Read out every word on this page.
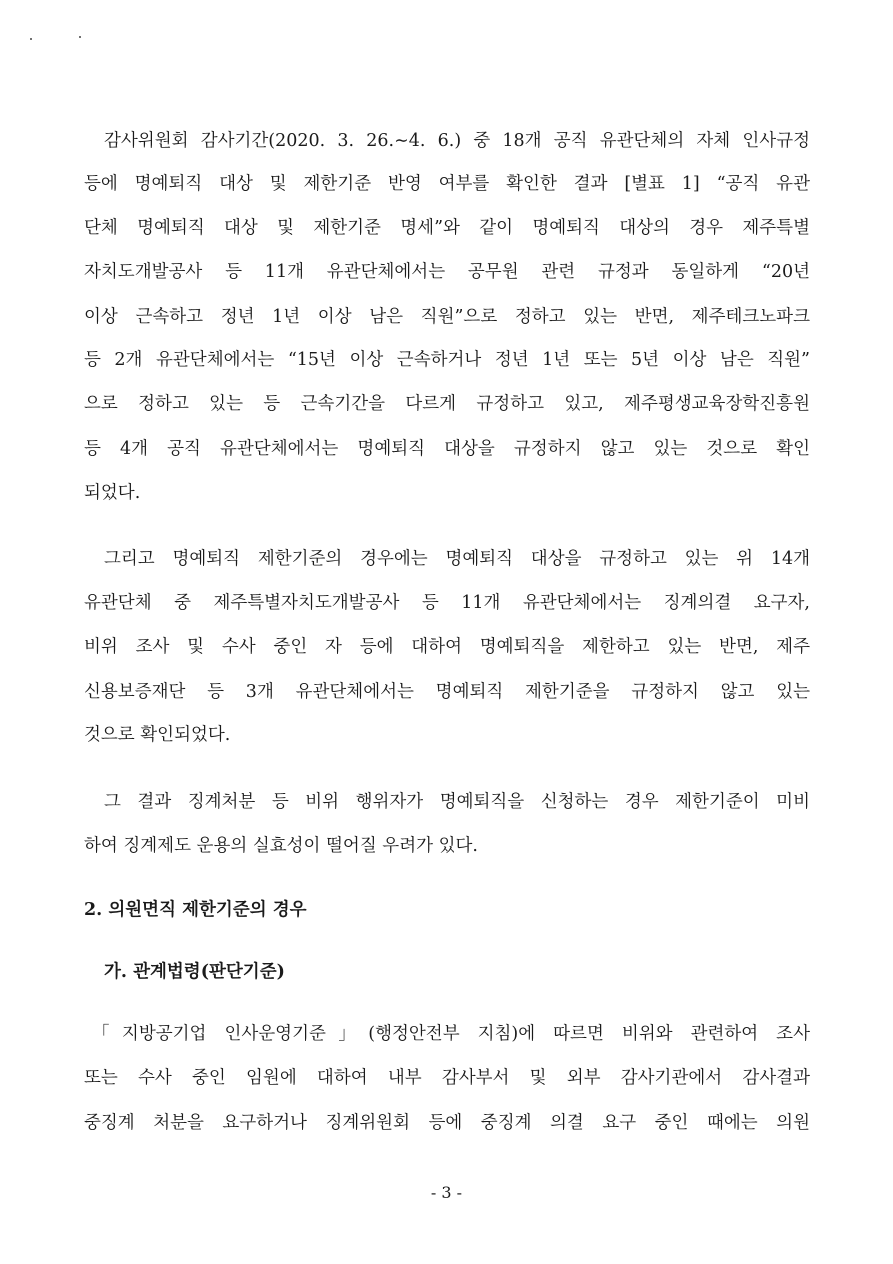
감사위원회 감사기간(2020. 3. 26.∼4. 6.) 중 18개 공직 유관단체의 자체 인사규정
등에 명예퇴직 대상 및 제한기준 반영 여부를 확인한 결과 [별표 1] “공직 유관
단체 명예퇴직 대상 및 제한기준 명세”와 같이 명예퇴직 대상의 경우 제주특별
자치도개발공사 등 11개 유관단체에서는 공무원 관련 규정과 동일하게 “20년
이상 근속하고 정년 1년 이상 남은 직원”으로 정하고 있는 반면, 제주테크노파크
등 2개 유관단체에서는 “15년 이상 근속하거나 정년 1년 또는 5년 이상 남은 직원”
으로 정하고 있는 등 근속기간을 다르게 규정하고 있고, 제주평생교육장학진흥원
등 4개 공직 유관단체에서는 명예퇴직 대상을 규정하지 않고 있는 것으로 확인
되었다.
그리고 명예퇴직 제한기준의 경우에는 명예퇴직 대상을 규정하고 있는 위 14개
유관단체 중 제주특별자치도개발공사 등 11개 유관단체에서는 징계의결 요구자,
비위 조사 및 수사 중인 자 등에 대하여 명예퇴직을 제한하고 있는 반면, 제주
신용보증재단 등 3개 유관단체에서는 명예퇴직 제한기준을 규정하지 않고 있는
것으로 확인되었다.
그 결과 징계처분 등 비위 행위자가 명예퇴직을 신청하는 경우 제한기준이 미비
하여 징계제도 운용의 실효성이 떨어질 우려가 있다.
2. 의원면직 제한기준의 경우
가. 관계법령(판단기준)
「지방공기업 인사운영기준」(행정안전부 지침)에 따르면 비위와 관련하여 조사
또는 수사 중인 임원에 대하여 내부 감사부서 및 외부 감사기관에서 감사결과
중징계 처분을 요구하거나 징계위원회 등에 중징계 의결 요구 중인 때에는 의원
- 3 -
